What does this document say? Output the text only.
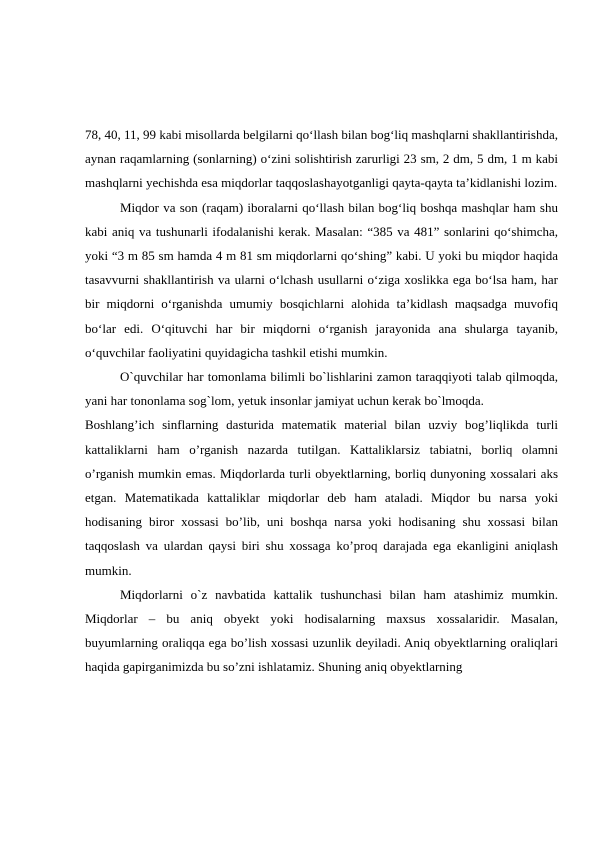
78, 40, 11, 99 kabi misollarda belgilarni qo‘llash bilan bog‘liq mashqlarni shakllantirishda, aynan raqamlarning (sonlarning) o‘zini solishtirish zarurligi 23 sm, 2 dm, 5 dm, 1 m kabi mashqlarni yechishda esa miqdorlar taqqoslashayotganligi qayta-qayta ta’kidlanishi lozim.

Miqdor va son (raqam) iboralarni qo‘llash bilan bog‘liq boshqa mashqlar ham shu kabi aniq va tushunarli ifodalanishi kerak. Masalan: “385 va 481” sonlarini qo‘shimcha, yoki “3 m 85 sm hamda 4 m 81 sm miqdorlarni qo‘shing” kabi. U yoki bu miqdor haqida tasavvurni shakllantirish va ularni o‘lchash usullarni o‘ziga xoslikka ega bo‘lsa ham, har bir miqdorni o‘rganishda umumiy bosqichlarni alohida ta’kidlash maqsadga muvofiq bo‘lar edi. O‘qituvchi har bir miqdorni o‘rganish jarayonida ana shularga tayanib, o‘quvchilar faoliyatini quyidagicha tashkil etishi mumkin.

O`quvchilar har tomonlama bilimli bo`lishlarini zamon taraqqiyoti talab qilmoqda, yani har tononlama sog`lom, yetuk insonlar jamiyat uchun kerak bo`lmoqda.

Boshlang’ich sinflarning dasturida matematik material bilan uzviy bog’liqlikda turli kattaliklarni ham o’rganish nazarda tutilgan. Kattaliklarsiz tabiatni, borliq olamni o’rganish mumkin emas. Miqdorlarda turli obyektlarning, borliq dunyoning xossalari aks etgan. Matematikada kattaliklar miqdorlar deb ham ataladi. Miqdor bu narsa yoki hodisaning biror xossasi bo’lib, uni boshqa narsa yoki hodisaning shu xossasi bilan taqqoslash va ulardan qaysi biri shu xossaga ko’proq darajada ega ekanligini aniqlash mumkin.

Miqdorlarni o`z navbatida kattalik tushunchasi bilan ham atashimiz mumkin. Miqdorlar – bu aniq obyekt yoki hodisalarning maxsus xossalaridir. Masalan, buyumlarning oraliqqa ega bo’lish xossasi uzunlik deyiladi. Aniq obyektlarning oraliqlari haqida gapirganimizda bu so’zni ishlatamiz. Shuning aniq obyektlarning
